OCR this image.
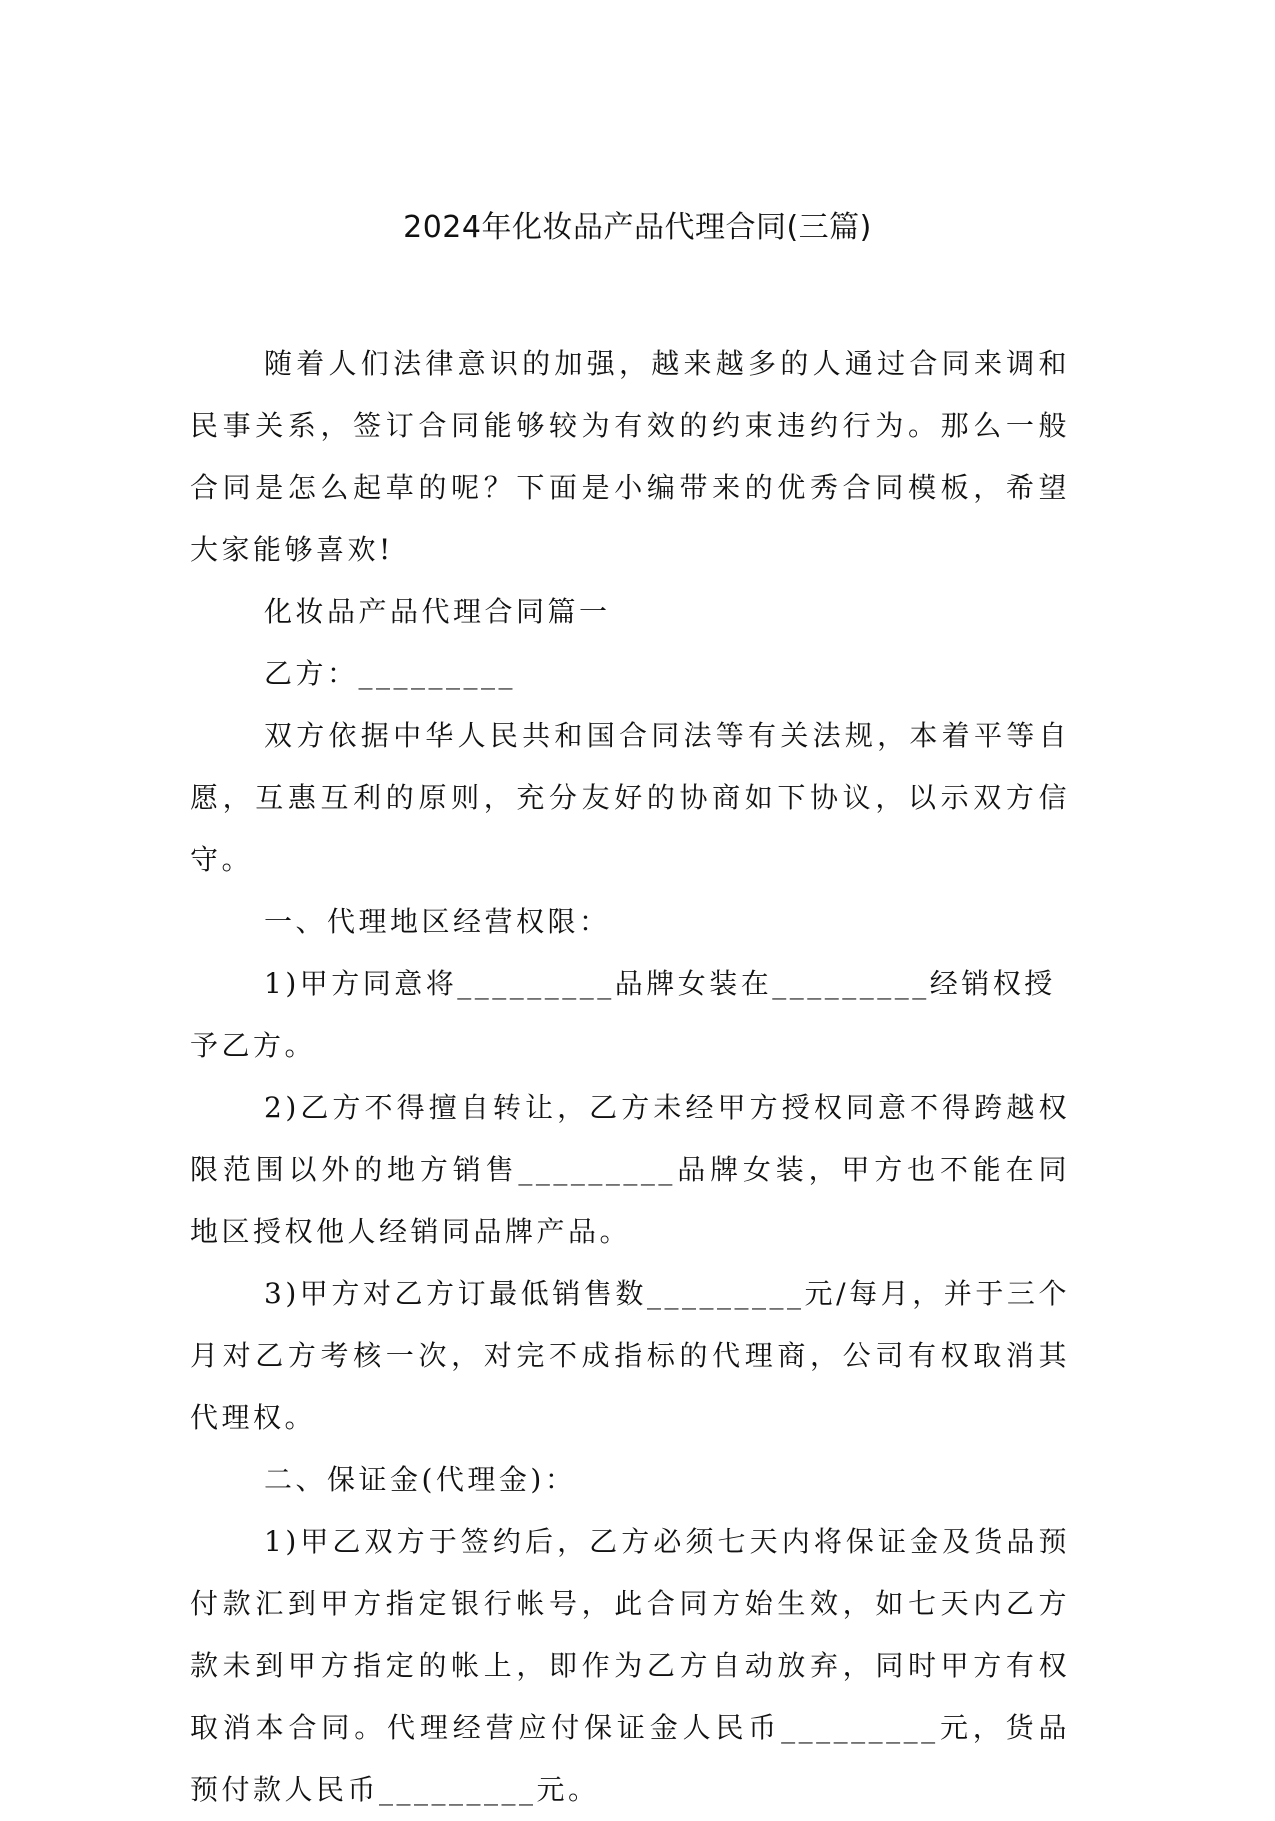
2024年化妆品产品代理合同(三篇)

随着人们法律意识的加强，越来越多的人通过合同来调和民事关系，签订合同能够较为有效的约束违约行为。那么一般合同是怎么起草的呢？下面是小编带来的优秀合同模板，希望大家能够喜欢!

化妆品产品代理合同篇一

乙方：_________

双方依据中华人民共和国合同法等有关法规，本着平等自愿，互惠互利的原则，充分友好的协商如下协议，以示双方信守。

一、代理地区经营权限：

1)甲方同意将_________品牌女装在_________经销权授予乙方。

2)乙方不得擅自转让，乙方未经甲方授权同意不得跨越权限范围以外的地方销售_________品牌女装，甲方也不能在同地区授权他人经销同品牌产品。

3)甲方对乙方订最低销售数_________元/每月，并于三个月对乙方考核一次，对完不成指标的代理商，公司有权取消其代理权。

二、保证金(代理金)：

1)甲乙双方于签约后，乙方必须七天内将保证金及货品预付款汇到甲方指定银行帐号，此合同方始生效，如七天内乙方款未到甲方指定的帐上，即作为乙方自动放弃，同时甲方有权取消本合同。代理经营应付保证金人民币_________元，货品预付款人民币_________元。
